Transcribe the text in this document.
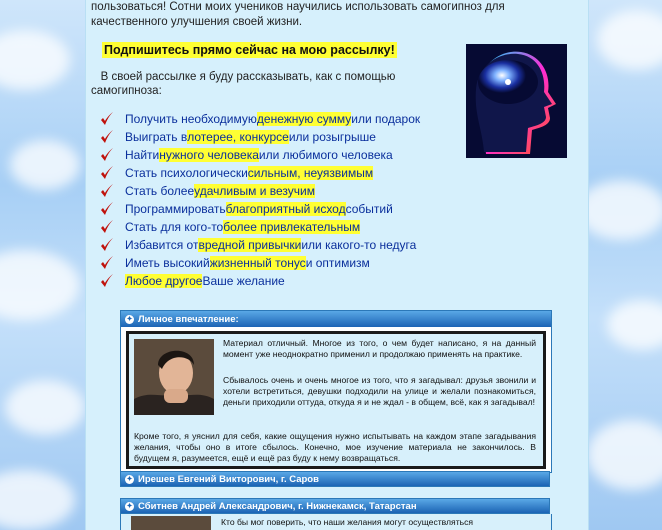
пользоваться! Сотни моих учеников научились использовать самогипноз для качественного улучшения своей жизни.

Подпишитесь прямо сейчас на мою рассылку!

В своей рассылке я буду рассказывать, как с помощью самогипноза:

Получить необходимую денежную сумму или подарок
Выиграть в лотерее, конкурсе или розыгрыше
Найти нужного человека или любимого человека
Стать психологически сильным, неуязвимым
Стать более удачливым и везучим
Программировать благоприятный исход событий
Стать для кого-то более привлекательным
Избавится от вредной привычки или какого-то недуга
Иметь высокий жизненный тонус и оптимизм
Любое другое Ваше желание
✦ Личное впечатление:

Материал отличный. Многое из того, о чем будет написано, я на данный момент уже неоднократно применил и продолжаю применять на практике.

Сбывалось очень и очень многое из того, что я загадывал: друзья звонили и хотели встретиться, девушки подходили на улице и желали познакомиться, деньги приходили оттуда, откуда я и не ждал - в общем, всё, как я загадывал!

Кроме того, я уяснил для себя, какие ощущения нужно испытывать на каждом этапе загадывания желания, чтобы оно в итоге сбылось. Конечно, мое изучение материала не закончилось. В будущем я, разумеется, ещё и ещё раз буду к нему возвращаться.

✦ Ирешев Евгений Викторович, г. Саров
✦ Сбитнев Андрей Александрович, г. Нижнекамск, Татарстан

Кто бы мог поверить, что наши желания могут осуществляться
